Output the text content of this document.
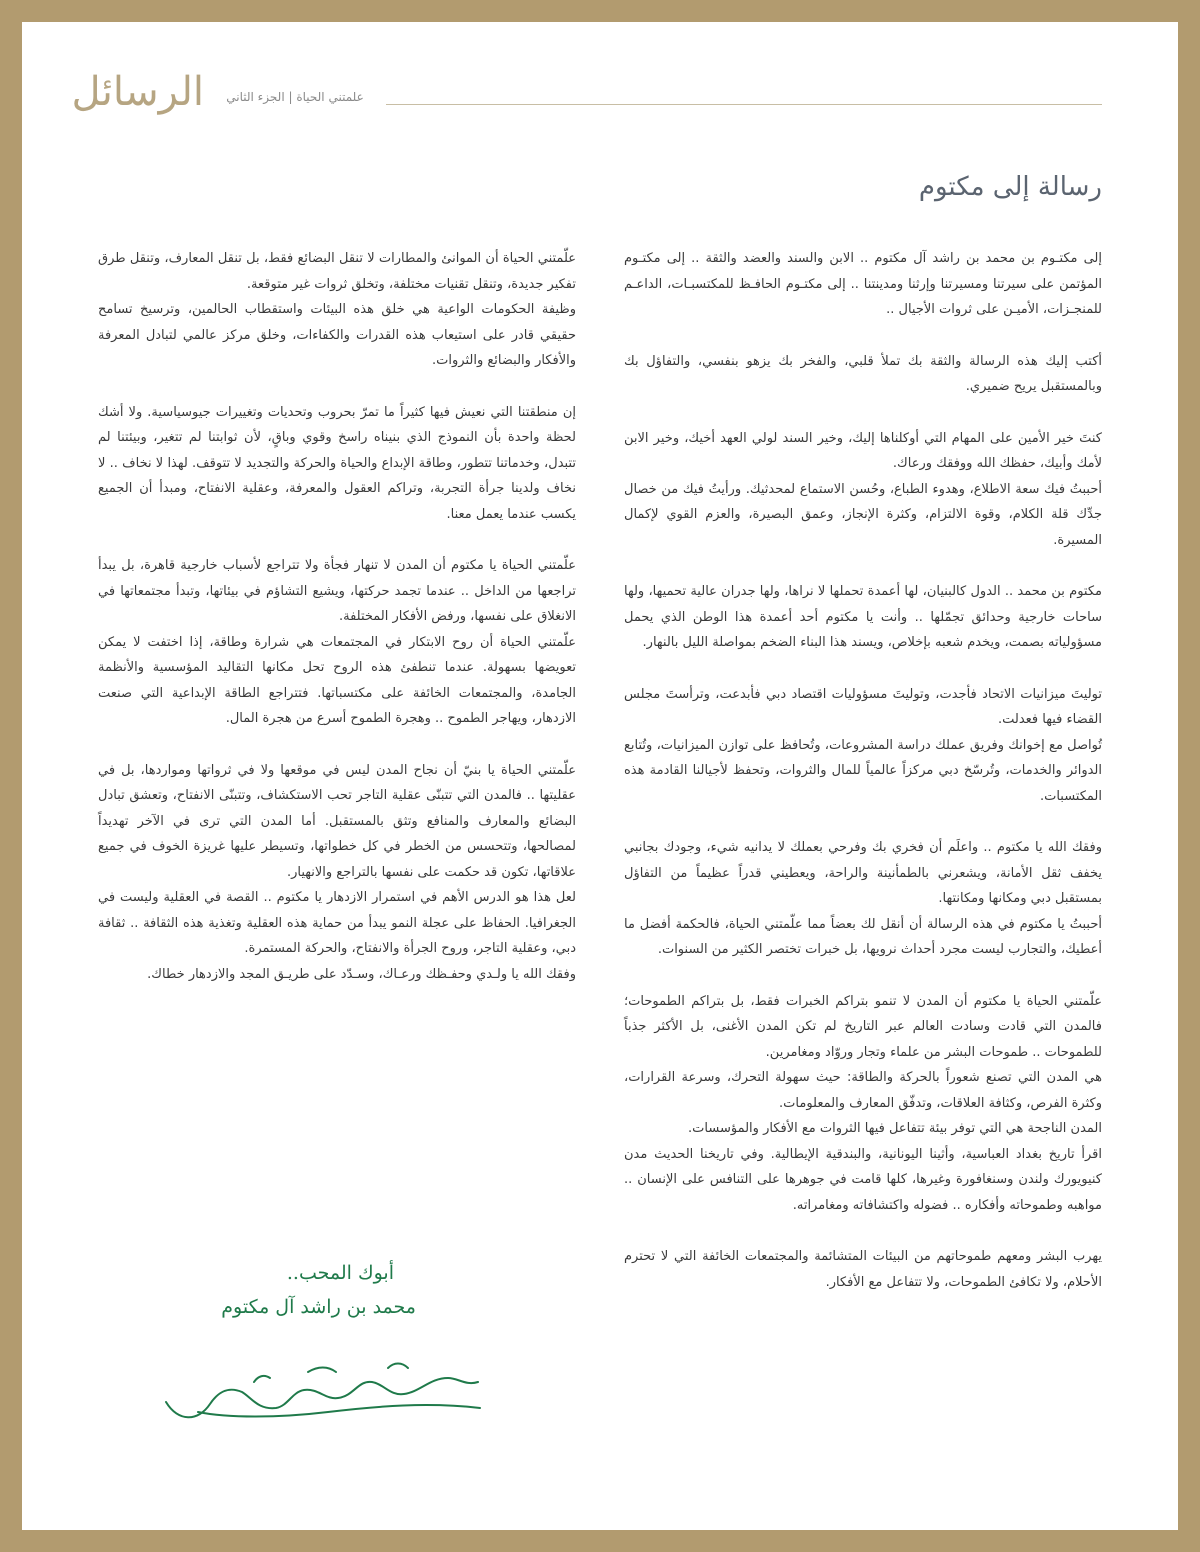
الرسائل	علمتني الحياة | الجزء الثاني
رسالة إلى مكتوم

إلى مكتـوم بن محمد بن راشد آل مكتوم .. الابن والسند والعضد والثقة .. إلى مكتـوم المؤتمن على سيرتنا ومسيرتنا وإرثنا ومدينتنا .. إلى مكتـوم الحافـظ للمكتسبـات، الداعـم للمنجـزات، الأميـن على ثروات الأجيال ..

أكتب إليك هذه الرسالة والثقة بك تملأ قلبي، والفخر بك يزهو بنفسي، والتفاؤل بك وبالمستقبل يريح ضميري.

كنتَ خير الأمين على المهام التي أوكلناها إليك، وخير السند لولي العهد أخيك، وخير الابن لأمك وأبيك، حفظك الله ووفقك ورعاك.

أحببتُ فيك سعة الاطلاع، وهدوء الطباع، وحُسن الاستماع لمحدثيك. ورأيتُ فيك من خصال جدِّك قلة الكلام، وقوة الالتزام، وكثرة الإنجاز، وعمق البصيرة، والعزم القوي لإكمال المسيرة.

مكتوم بن محمد .. الدول كالبنيان، لها أعمدة تحملها لا نراها، ولها جدران عالية تحميها، ولها ساحات خارجية وحدائق تجمّلها .. وأنت يا مكتوم أحد أعمدة هذا الوطن الذي يحمل مسؤولياته بصمت، ويخدم شعبه بإخلاص، ويسند هذا البناء الضخم بمواصلة الليل بالنهار.

توليتَ ميزانيات الاتحاد فأجدت، وتوليتَ مسؤوليات اقتصاد دبي فأبدعت، وترأستَ مجلس القضاء فيها فعدلت.

تُواصل مع إخوانك وفريق عملك دراسة المشروعات، وتُحافظ على توازن الميزانيات، وتُتابع الدوائر والخدمات، وتُرسّخ دبي مركزاً عالمياً للمال والثروات، وتحفظ لأجيالنا القادمة هذه المكتسبات.

وفقك الله يا مكتوم .. واعلَم أن فخري بك وفرحي بعملك لا يدانيه شيء، وجودك بجانبي يخفف ثقل الأمانة، ويشعرني بالطمأنينة والراحة، ويعطيني قدراً عظيماً من التفاؤل بمستقبل دبي ومكانها ومكانتها.

أحببتُ يا مكتوم في هذه الرسالة أن أنقل لك بعضاً مما علّمتني الحياة، فالحكمة أفضل ما أعطيك، والتجارب ليست مجرد أحداث نرويها، بل خبرات تختصر الكثير من السنوات.

علّمتني الحياة يا مكتوم أن المدن لا تنمو بتراكم الخبرات فقط، بل بتراكم الطموحات؛ فالمدن التي قادت وسادت العالم عبر التاريخ لم تكن المدن الأغنى، بل الأكثر جذباً للطموحات .. طموحات البشر من علماء وتجار وروّاد ومغامرين.

هي المدن التي تصنع شعوراً بالحركة والطاقة: حيث سهولة التحرك، وسرعة القرارات، وكثرة الفرص، وكثافة العلاقات، وتدفّق المعارف والمعلومات.

المدن الناجحة هي التي توفر بيئة تتفاعل فيها الثروات مع الأفكار والمؤسسات.

اقرأ تاريخ بغداد العباسية، وأثينا اليونانية، والبندقية الإيطالية. وفي تاريخنا الحديث مدن كنيويورك ولندن وسنغافورة وغيرها، كلها قامت في جوهرها على التنافس على الإنسان .. مواهبه وطموحاته وأفكاره .. فضوله واكتشافاته ومغامراته.

يهرب البشر ومعهم طموحاتهم من البيئات المتشائمة والمجتمعات الخائفة التي لا تحترم الأحلام، ولا تكافئ الطموحات، ولا تتفاعل مع الأفكار.

علّمتني الحياة أن الموانئ والمطارات لا تنقل البضائع فقط، بل تنقل المعارف، وتنقل طرق تفكير جديدة، وتنقل تقنيات مختلفة، وتخلق ثروات غير متوقعة.

وظيفة الحكومات الواعية هي خلق هذه البيئات واستقطاب الحالمين، وترسيخ تسامح حقيقي قادر على استيعاب هذه القدرات والكفاءات، وخلق مركز عالمي لتبادل المعرفة والأفكار والبضائع والثروات.

إن منطقتنا التي نعيش فيها كثيراً ما تمرّ بحروب وتحديات وتغييرات جيوسياسية. ولا أشك لحظة واحدة بأن النموذج الذي بنيناه راسخ وقوي وباقٍ، لأن ثوابتنا لم تتغير، وبيئتنا لم تتبدل، وخدماتنا تتطور، وطاقة الإبداع والحياة والحركة والتجديد لا تتوقف. لهذا لا نخاف .. لا نخاف ولدينا جرأة التجربة، وتراكم العقول والمعرفة، وعقلية الانفتاح، ومبدأ أن الجميع يكسب عندما يعمل معنا.

علّمتني الحياة يا مكتوم أن المدن لا تنهار فجأة ولا تتراجع لأسباب خارجية قاهرة، بل يبدأ تراجعها من الداخل .. عندما تجمد حركتها، ويشيع التشاؤم في بيئاتها، وتبدأ مجتمعاتها في الانغلاق على نفسها، ورفض الأفكار المختلفة.

علّمتني الحياة أن روح الابتكار في المجتمعات هي شرارة وطاقة، إذا اختفت لا يمكن تعويضها بسهولة. عندما تنطفئ هذه الروح تحل مكانها التقاليد المؤسسية والأنظمة الجامدة، والمجتمعات الخائفة على مكتسباتها. فتتراجع الطاقة الإبداعية التي صنعت الازدهار، ويهاجر الطموح .. وهجرة الطموح أسرع من هجرة المال.

علّمتني الحياة يا بنيّ أن نجاح المدن ليس في موقعها ولا في ثرواتها ومواردها، بل في عقليتها .. فالمدن التي تتبنّى عقلية التاجر تحب الاستكشاف، وتتبنّى الانفتاح، وتعشق تبادل البضائع والمعارف والمنافع وتثق بالمستقبل. أما المدن التي ترى في الآخر تهديداً لمصالحها، وتتحسس من الخطر في كل خطواتها، وتسيطر عليها غريزة الخوف في جميع علاقاتها، تكون قد حكمت على نفسها بالتراجع والانهيار.

لعل هذا هو الدرس الأهم في استمرار الازدهار يا مكتوم .. القصة في العقلية وليست في الجغرافيا. الحفاظ على عجلة النمو يبدأ من حماية هذه العقلية وتغذية هذه الثقافة .. ثقافة دبي، وعقلية التاجر، وروح الجرأة والانفتاح، والحركة المستمرة.

وفقك الله يا ولـدي وحفـظك ورعـاك، وسـدّد على طريـق المجد والازدهار خطاك.

أبوك المحب..
محمد بن راشد آل مكتوم
